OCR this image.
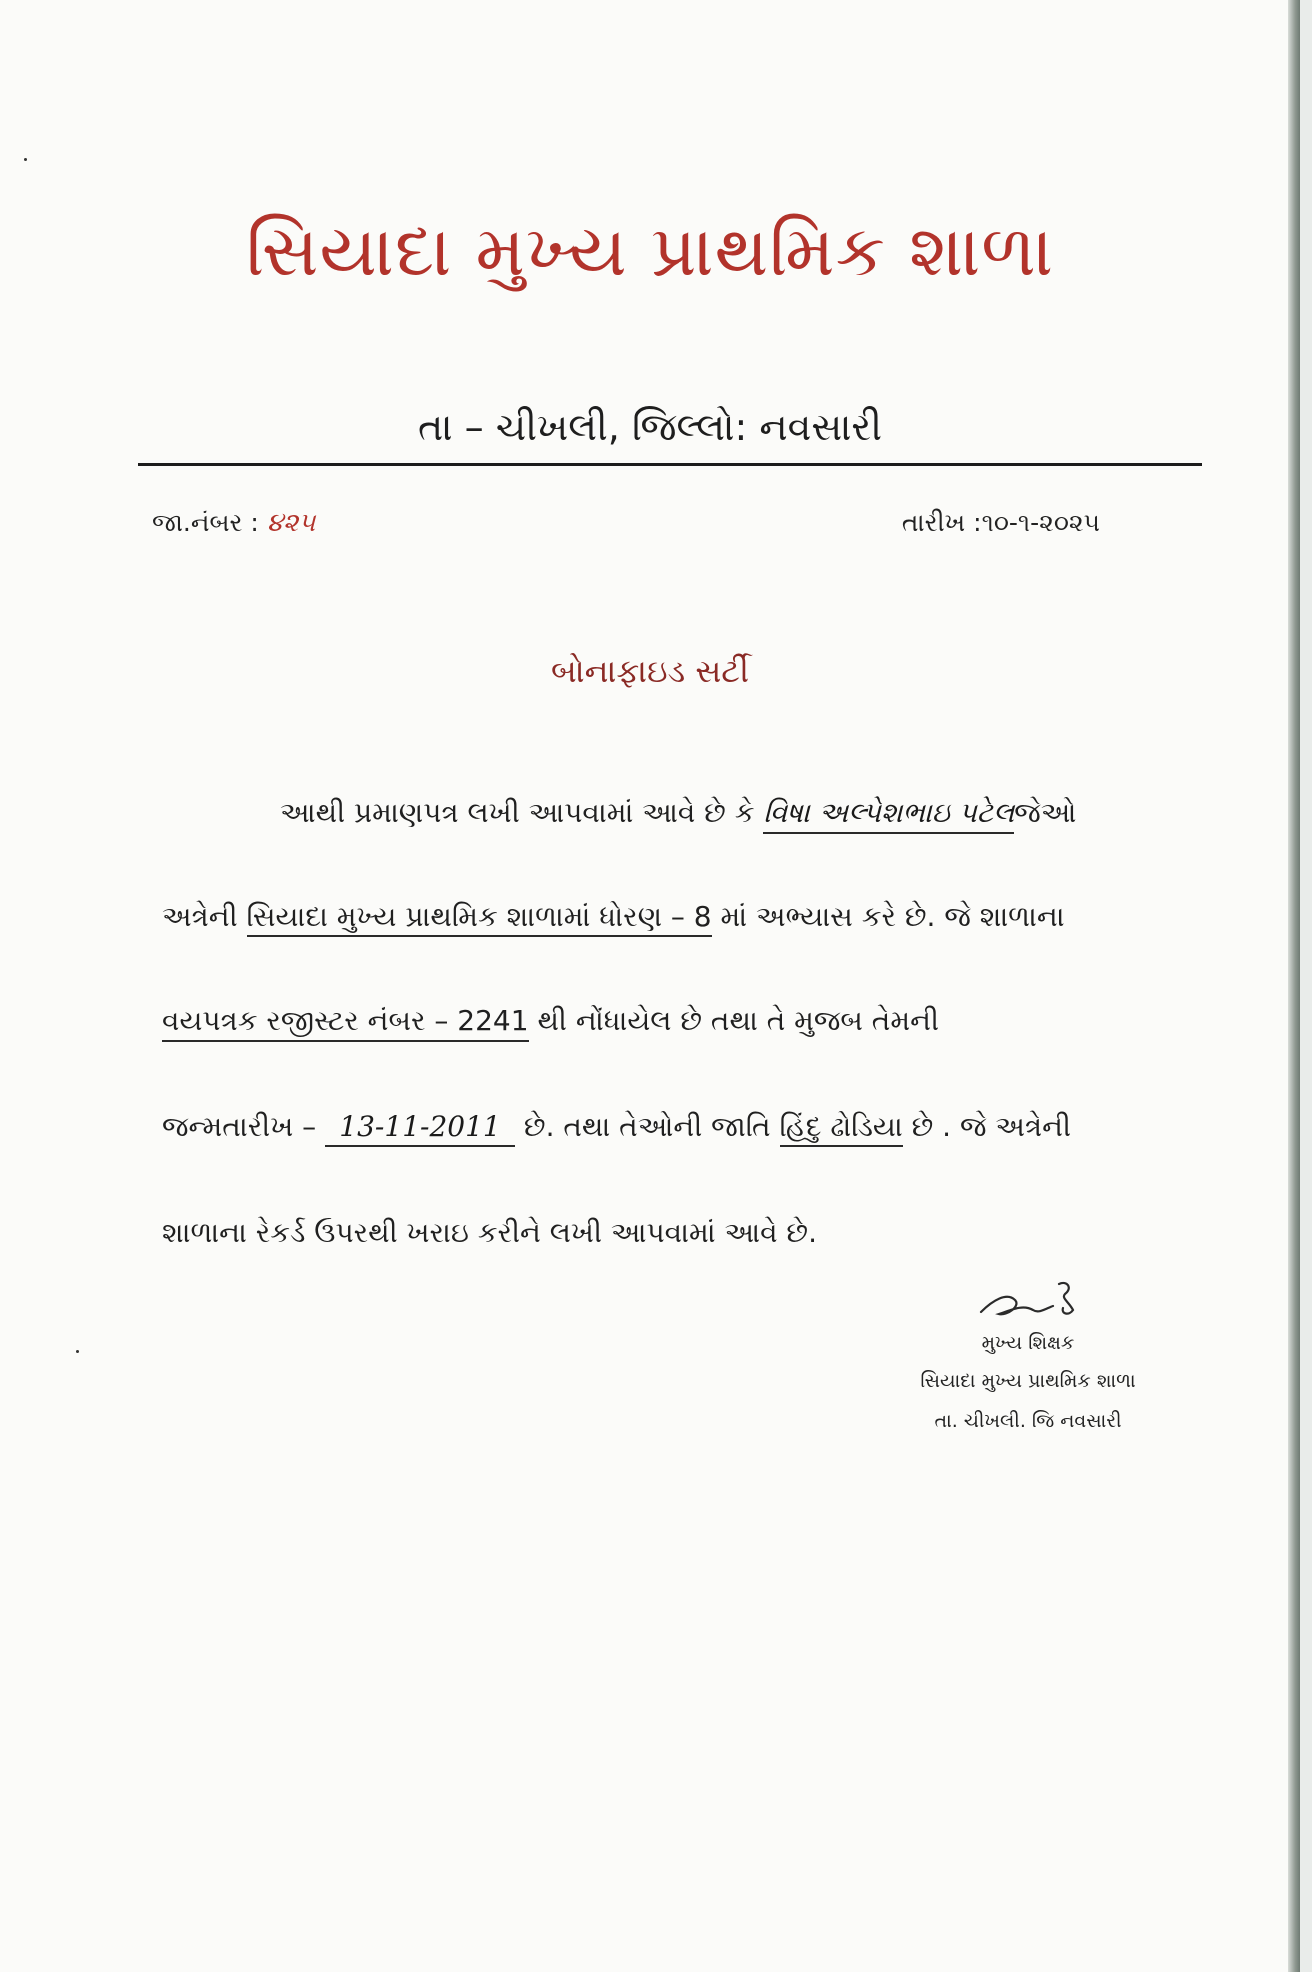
સિયાદા મુખ્ય પ્રાથમિક શાળા
તા – ચીખલી, જિલ્લો: નવસારી
જા.નંબર : ૪૨૫	તારીખ :૧૦-૧-૨૦૨૫
બોનાફાઇડ સર્ટી
આથી પ્રમાણપત્ર લખી આપવામાં આવે છે કે વિષા અલ્પેશભાઇ પટેલજેઓ
અત્રેની સિયાદા મુખ્ય પ્રાથમિક શાળામાં ધોરણ – 8 માં અભ્યાસ કરે છે. જે શાળાના
વયપત્રક રજીસ્ટર નંબર – 2241 થી નોંધાયેલ છે તથા તે મુજબ તેમની
જન્મતારીખ – 13-11-2011 છે. તથા તેઓની જાતિ હિંદુ ઢોડિયા છે . જે અત્રેની
શાળાના રેકર્ડ ઉપરથી ખરાઇ કરીને લખી આપવામાં આવે છે.
મુખ્ય શિક્ષક
સિયાદા મુખ્ય પ્રાથમિક શાળા
તા. ચીખલી. જિ નવસારી
